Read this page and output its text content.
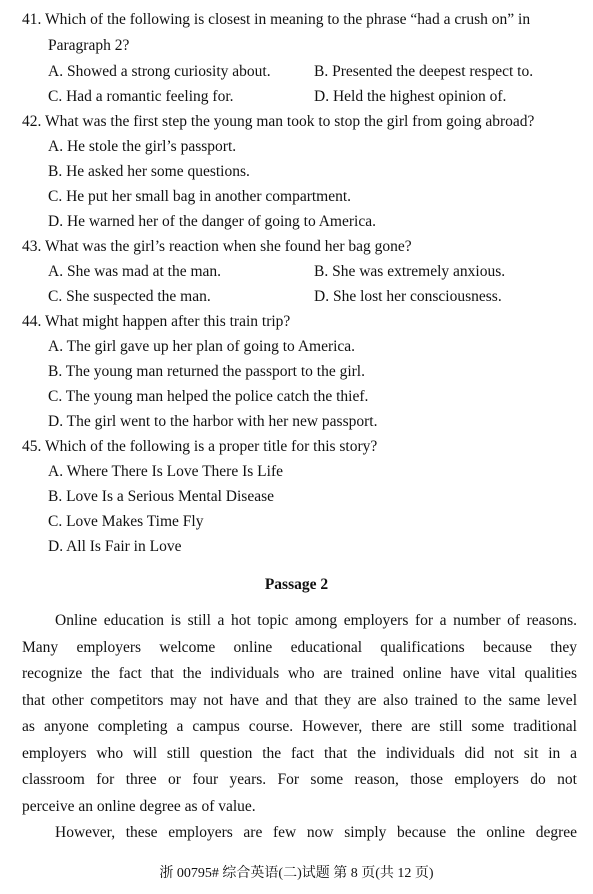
41. Which of the following is closest in meaning to the phrase “had a crush on” in
Paragraph 2?
A. Showed a strong curiosity about.	B. Presented the deepest respect to.
C. Had a romantic feeling for.	D. Held the highest opinion of.
42. What was the first step the young man took to stop the girl from going abroad?
A. He stole the girl’s passport.
B. He asked her some questions.
C. He put her small bag in another compartment.
D. He warned her of the danger of going to America.
43. What was the girl’s reaction when she found her bag gone?
A. She was mad at the man.	B. She was extremely anxious.
C. She suspected the man.	D. She lost her consciousness.
44. What might happen after this train trip?
A. The girl gave up her plan of going to America.
B. The young man returned the passport to the girl.
C. The young man helped the police catch the thief.
D. The girl went to the harbor with her new passport.
45. Which of the following is a proper title for this story?
A. Where There Is Love There Is Life
B. Love Is a Serious Mental Disease
C. Love Makes Time Fly
D. All Is Fair in Love
Passage 2
Online education is still a hot topic among employers for a number of reasons.
Many employers welcome online educational qualifications because they
recognize the fact that the individuals who are trained online have vital qualities
that other competitors may not have and that they are also trained to the same level
as anyone completing a campus course. However, there are still some traditional
employers who will still question the fact that the individuals did not sit in a
classroom for three or four years. For some reason, those employers do not
perceive an online degree as of value.
However, these employers are few now simply because the online degree
浙 00795# 综合英语(二)试题 第 8 页(共 12 页)
